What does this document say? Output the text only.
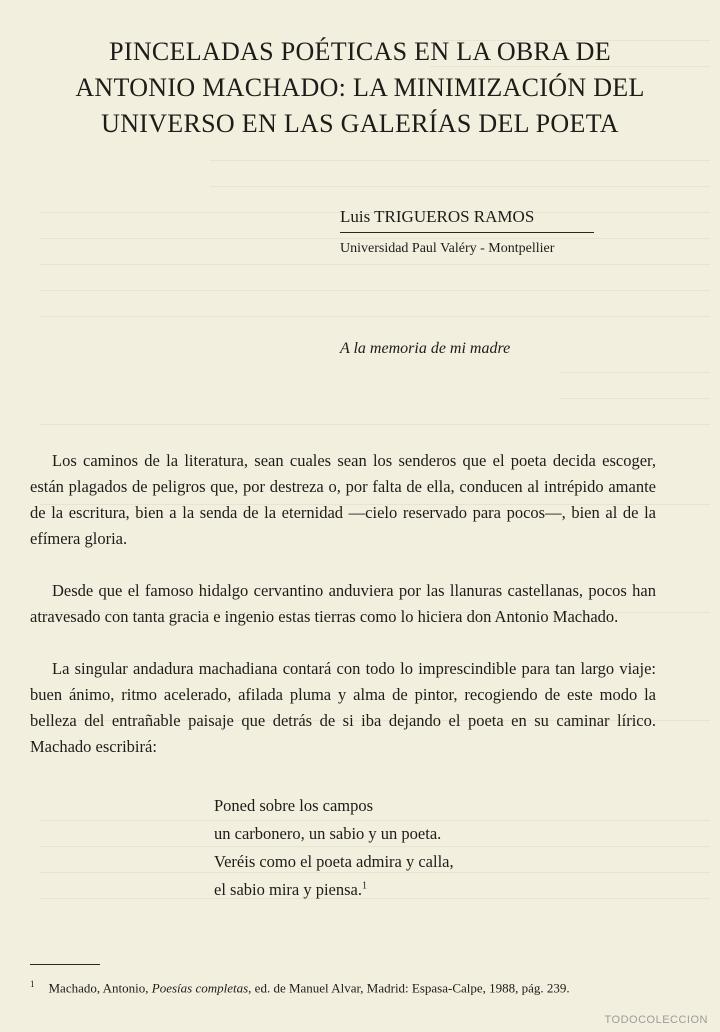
PINCELADAS POÉTICAS EN LA OBRA DE
ANTONIO MACHADO: LA MINIMIZACIÓN DEL
UNIVERSO EN LAS GALERÍAS DEL POETA
Luis TRIGUEROS RAMOS
Universidad Paul Valéry - Montpellier
A la memoria de mi madre

Los caminos de la literatura, sean cuales sean los senderos que el poeta decida escoger, están plagados de peligros que, por destreza o, por falta de ella, conducen al intrépido amante de la escritura, bien a la senda de la eternidad —cielo reservado para pocos—, bien al de la efímera gloria.

Desde que el famoso hidalgo cervantino anduviera por las llanuras castellanas, pocos han atravesado con tanta gracia e ingenio estas tierras como lo hiciera don Antonio Machado.

La singular andadura machadiana contará con todo lo imprescindible para tan largo viaje: buen ánimo, ritmo acelerado, afilada pluma y alma de pintor, recogiendo de este modo la belleza del entrañable paisaje que detrás de si iba dejando el poeta en su caminar lírico. Machado escribirá:

Poned sobre los campos
un carbonero, un sabio y un poeta.
Veréis como el poeta admira y calla,
el sabio mira y piensa.$^1$
$^1$ Machado, Antonio, Poesías completas, ed. de Manuel Alvar, Madrid: Espasa-Calpe, 1988, pág. 239.
TODOCOLECCION
